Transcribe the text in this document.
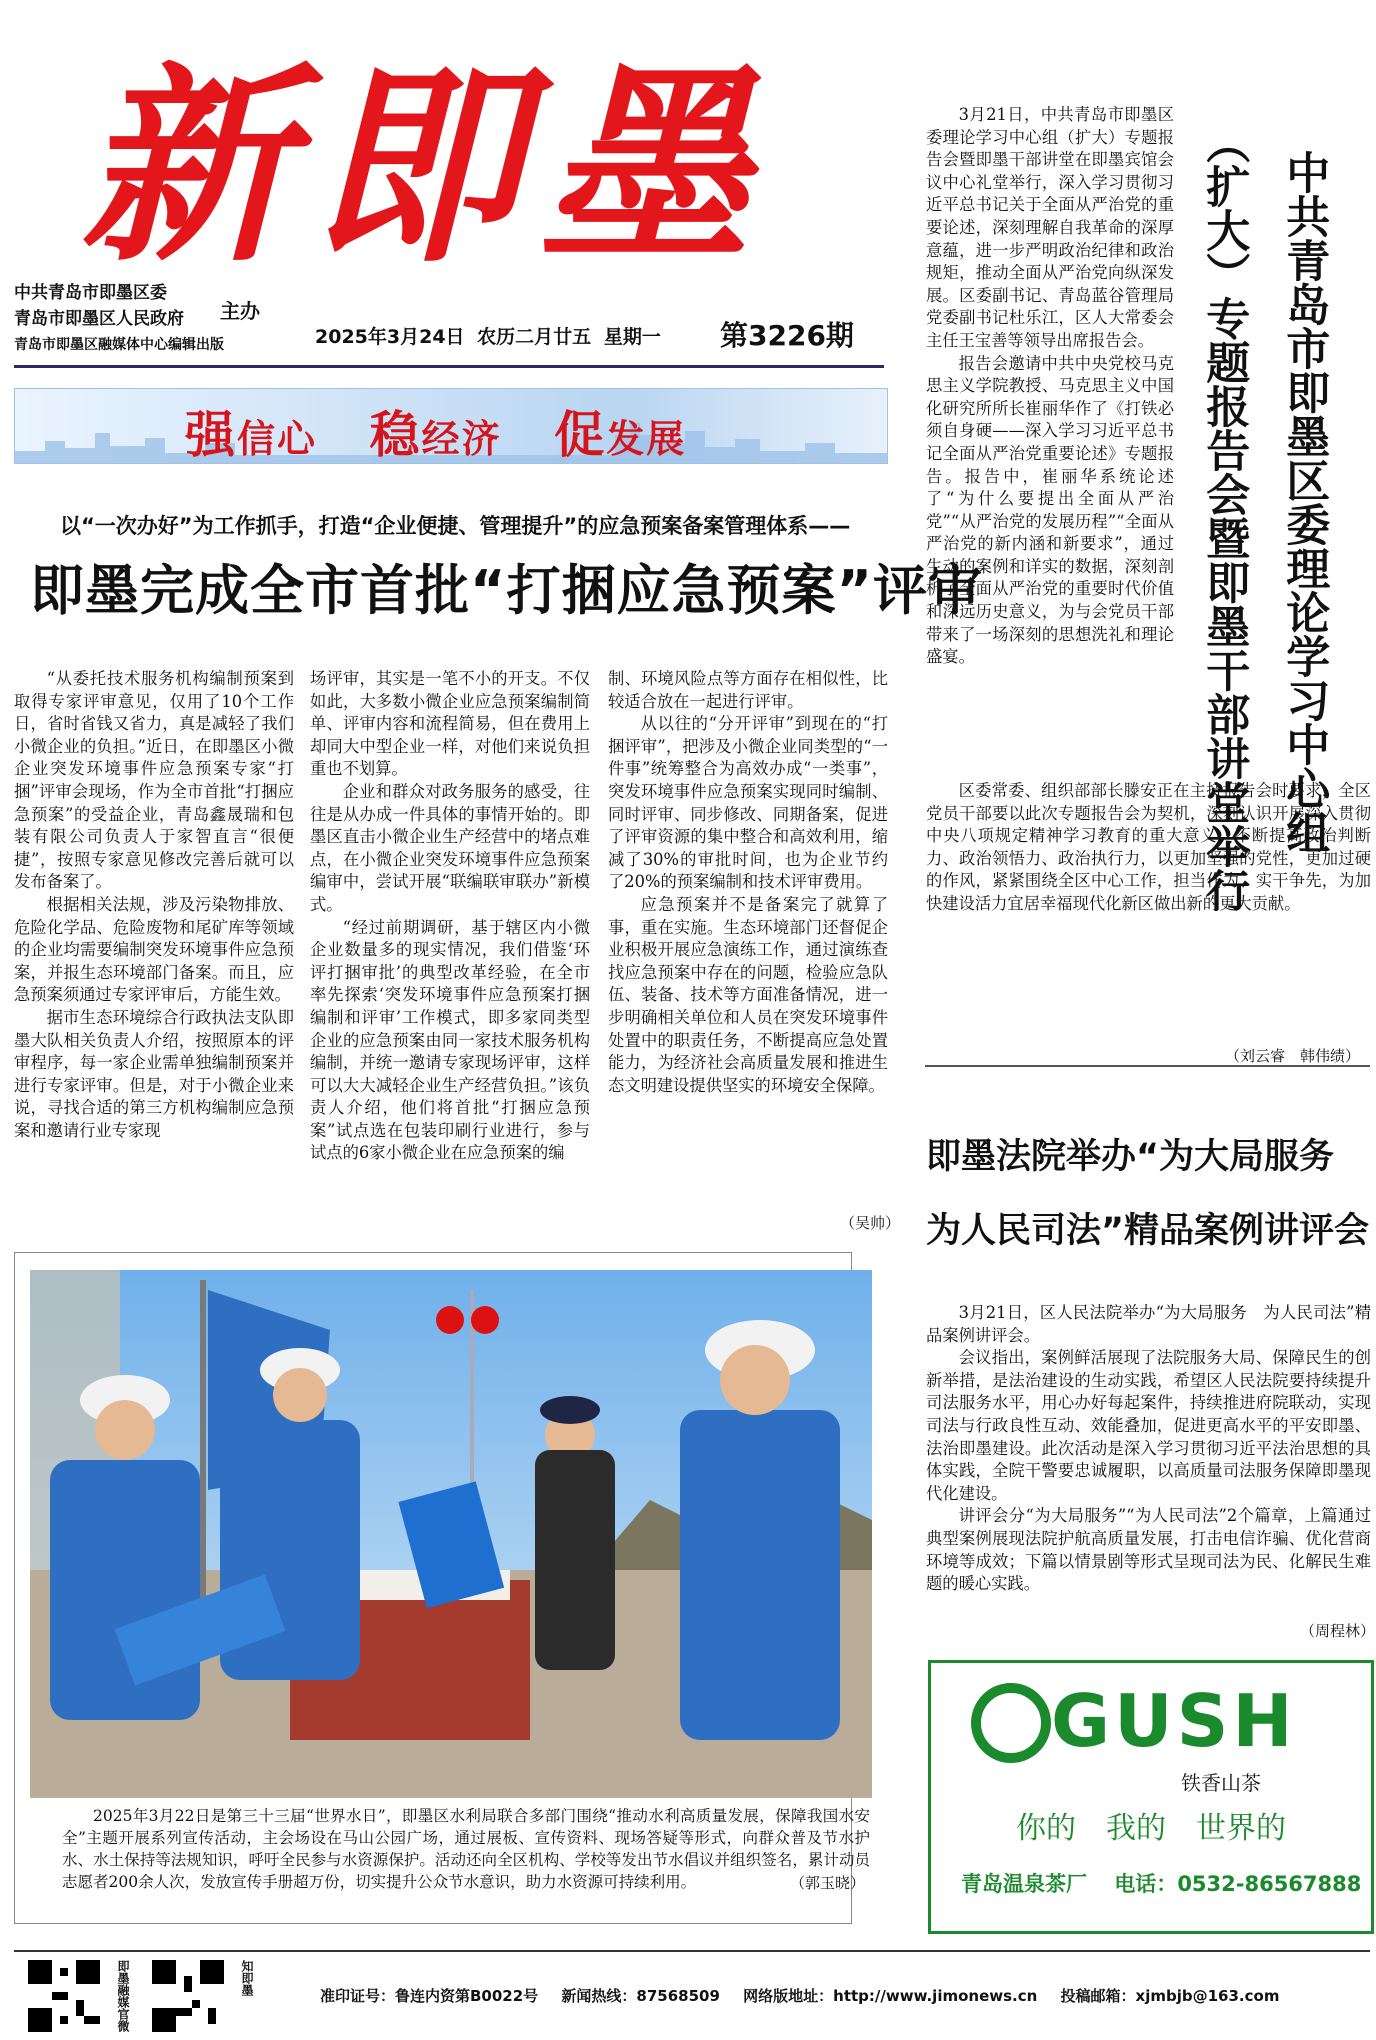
新即墨
中共青岛市即墨区委
青岛市即墨区人民政府
青岛市即墨区融媒体中心编辑出版
主办
2025年3月24日 农历二月廿五 星期一 第3226期
强信心 稳经济 促发展
以“一次办好”为工作抓手，打造“企业便捷、管理提升”的应急预案备案管理体系——
即墨完成全市首批“打捆应急预案”评审

“从委托技术服务机构编制预案到取得专家评审意见，仅用了10个工作日，省时省钱又省力，真是减轻了我们小微企业的负担。”近日，在即墨区小微企业突发环境事件应急预案专家“打捆”评审会现场，作为全市首批“打捆应急预案”的受益企业，青岛鑫晟瑞和包装有限公司负责人于家智直言“很便捷”，按照专家意见修改完善后就可以发布备案了。

根据相关法规，涉及污染物排放、危险化学品、危险废物和尾矿库等领域的企业均需要编制突发环境事件应急预案，并报生态环境部门备案。而且，应急预案须通过专家评审后，方能生效。

据市生态环境综合行政执法支队即墨大队相关负责人介绍，按照原本的评审程序，每一家企业需单独编制预案并进行专家评审。但是，对于小微企业来说，寻找合适的第三方机构编制应急预案和邀请行业专家现

场评审，其实是一笔不小的开支。不仅如此，大多数小微企业应急预案编制简单、评审内容和流程简易，但在费用上却同大中型企业一样，对他们来说负担重也不划算。

企业和群众对政务服务的感受，往往是从办成一件具体的事情开始的。即墨区直击小微企业生产经营中的堵点难点，在小微企业突发环境事件应急预案编审中，尝试开展“联编联审联办”新模式。

“经过前期调研，基于辖区内小微企业数量多的现实情况，我们借鉴‘环评打捆审批’的典型改革经验，在全市率先探索‘突发环境事件应急预案打捆编制和评审’工作模式，即多家同类型企业的应急预案由同一家技术服务机构编制，并统一邀请专家现场评审，这样可以大大减轻企业生产经营负担。”该负责人介绍，他们将首批“打捆应急预案”试点选在包装印刷行业进行，参与试点的6家小微企业在应急预案的编

制、环境风险点等方面存在相似性，比较适合放在一起进行评审。

从以往的“分开评审”到现在的“打捆评审”，把涉及小微企业同类型的“一件事”统筹整合为高效办成“一类事”，突发环境事件应急预案实现同时编制、同时评审、同步修改、同期备案，促进了评审资源的集中整合和高效利用，缩减了30%的审批时间，也为企业节约了20%的预案编制和技术评审费用。

应急预案并不是备案完了就算了事，重在实施。生态环境部门还督促企业积极开展应急演练工作，通过演练查找应急预案中存在的问题，检验应急队伍、装备、技术等方面准备情况，进一步明确相关单位和人员在突发环境事件处置中的职责任务，不断提高应急处置能力，为经济社会高质量发展和推进生态文明建设提供坚实的环境安全保障。

（吴帅）

2025年3月22日是第三十三届“世界水日”，即墨区水利局联合多部门围绕“推动水利高质量发展，保障我国水安全”主题开展系列宣传活动，主会场设在马山公园广场，通过展板、宣传资料、现场答疑等形式，向群众普及节水护水、水土保持等法规知识，呼吁全民参与水资源保护。活动还向全区机构、学校等发出节水倡议并组织签名，累计动员志愿者200余人次，发放宣传手册超万份，切实提升公众节水意识，助力水资源可持续利用。	（郭玉晓）
中共青岛市即墨区委理论学习中心组
（扩大）专题报告会暨即墨干部讲堂举行

3月21日，中共青岛市即墨区委理论学习中心组（扩大）专题报告会暨即墨干部讲堂在即墨宾馆会议中心礼堂举行，深入学习贯彻习近平总书记关于全面从严治党的重要论述，深刻理解自我革命的深厚意蕴，进一步严明政治纪律和政治规矩，推动全面从严治党向纵深发展。区委副书记、青岛蓝谷管理局党委副书记杜乐江，区人大常委会主任王宝善等领导出席报告会。

报告会邀请中共中央党校马克思主义学院教授、马克思主义中国化研究所所长崔丽华作了《打铁必须自身硬——深入学习习近平总书记全面从严治党重要论述》专题报告。报告中，崔丽华系统论述了“为什么要提出全面从严治党”“从严治党的发展历程”“全面从严治党的新内涵和新要求”，通过生动的案例和详实的数据，深刻剖析了全面从严治党的重要时代价值和深远历史意义，为与会党员干部带来了一场深刻的思想洗礼和理论盛宴。

区委常委、组织部部长滕安正在主持报告会时要求，全区党员干部要以此次专题报告会为契机，深刻认识开展深入贯彻中央八项规定精神学习教育的重大意义，不断提高政治判断力、政治领悟力、政治执行力，以更加坚强的党性，更加过硬的作风，紧紧围绕全区中心工作，担当作为、实干争先，为加快建设活力宜居幸福现代化新区做出新的更大贡献。

（刘云睿　韩伟绩）
即墨法院举办“为大局服务 为人民司法”精品案例讲评会

3月21日，区人民法院举办“为大局服务　为人民司法”精品案例讲评会。

会议指出，案例鲜活展现了法院服务大局、保障民生的创新举措，是法治建设的生动实践，希望区人民法院要持续提升司法服务水平，用心办好每起案件，持续推进府院联动，实现司法与行政良性互动、效能叠加，促进更高水平的平安即墨、法治即墨建设。此次活动是深入学习贯彻习近平法治思想的具体实践，全院干警要忠诚履职，以高质量司法服务保障即墨现代化建设。

讲评会分“为大局服务”“为人民司法”2个篇章，上篇通过典型案例展现法院护航高质量发展，打击电信诈骗、优化营商环境等成效；下篇以情景剧等形式呈现司法为民、化解民生难题的暖心实践。

（周程林）
GUSH
铁香山茶
你的　我的　世界的
青岛温泉茶厂 电话：0532-86567888
即墨融媒官微	知即墨	准印证号：鲁连内资第B0022号 新闻热线：87568509 网络版地址：http://www.jimonews.cn 投稿邮箱：xjmbjb@163.com
